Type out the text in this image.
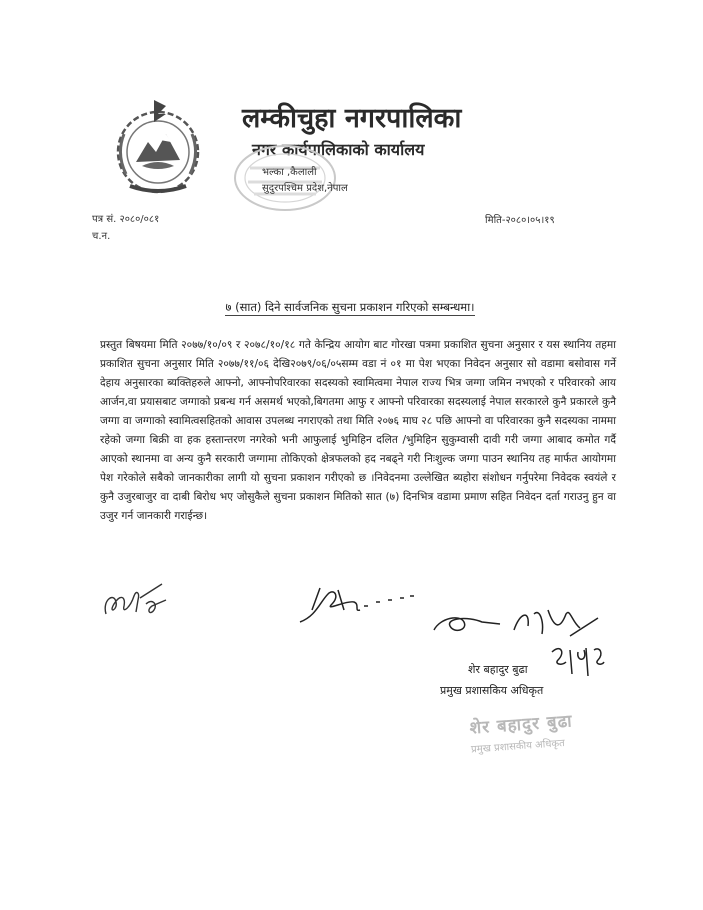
लम्कीचुहा नगरपालिका
नगर कार्यपालिकाको कार्यालय
भल्का ,कैलाली
सुदुरपश्चिम प्रदेश,नेपाल
पत्र सं. २०८०/०८१
च.न.
मिति-२०८०।०५।१९
७ (सात) दिने सार्वजनिक सुचना प्रकाशन गरिएको सम्बन्धमा।

प्रस्तुत बिषयमा मिति २०७७/१०/०९ र २०७८/१०/१८ गते केन्द्रिय आयोग बाट गोरखा पत्रमा प्रकाशित सुचना अनुसार र यस स्थानिय तहमा प्रकाशित सुचना अनुसार मिति २०७७/११/०६ देखि२०७९/०६/०५सम्म वडा नं ०१ मा पेश भएका निवेदन अनुसार सो वडामा बसोवास गर्ने देहाय अनुसारका ब्यक्तिहरुले आफ्नो, आफ्नोपरिवारका सदस्यको स्वामित्वमा नेपाल राज्य भित्र जग्गा जमिन नभएको र परिवारको आय आर्जन,वा प्रयासबाट जग्गाको प्रबन्ध गर्न असमर्थ भएको,बिगतमा आफु र आफ्नो परिवारका सदस्यलाई नेपाल सरकारले कुनै प्रकारले कुनै जग्गा वा जग्गाको स्वामित्वसहितको आवास उपलब्ध नगराएको तथा मिति २०७६ माघ २८ पछि आफ्नो वा परिवारका कुनै सदस्यका नाममा रहेको जग्गा बिक्री वा हक हस्तान्तरण नगरेको भनी आफुलाई भुमिहिन दलित /भुमिहिन सुकुम्वासी दावी गरी जग्गा आबाद कमोत गर्दै आएको स्थानमा वा अन्य कुनै सरकारी जग्गामा तोकिएको क्षेत्रफलको हद नबढ्ने गरी निःशुल्क जग्गा पाउन स्थानिय तह मार्फत आयोगमा पेश गरेकोले सबैको जानकारीका लागी यो सुचना प्रकाशन गरीएको छ ।निवेदनमा उल्लेखित ब्यहोरा संशोधन गर्नुपरेमा निवेदक स्वयंले र कुनै उजुरबाजुर वा दाबी बिरोध भए जोसुकैले सुचना प्रकाशन मितिको सात (७) दिनभित्र वडामा प्रमाण सहित निवेदन दर्ता गराउनु हुन वा उजुर गर्न जानकारी गराईन्छ।

शेर बहादुर बुढा
प्रमुख प्रशासकिय अधिकृत
शेर बहादुर बुढा
प्रमुख प्रशासकीय अधिकृत
